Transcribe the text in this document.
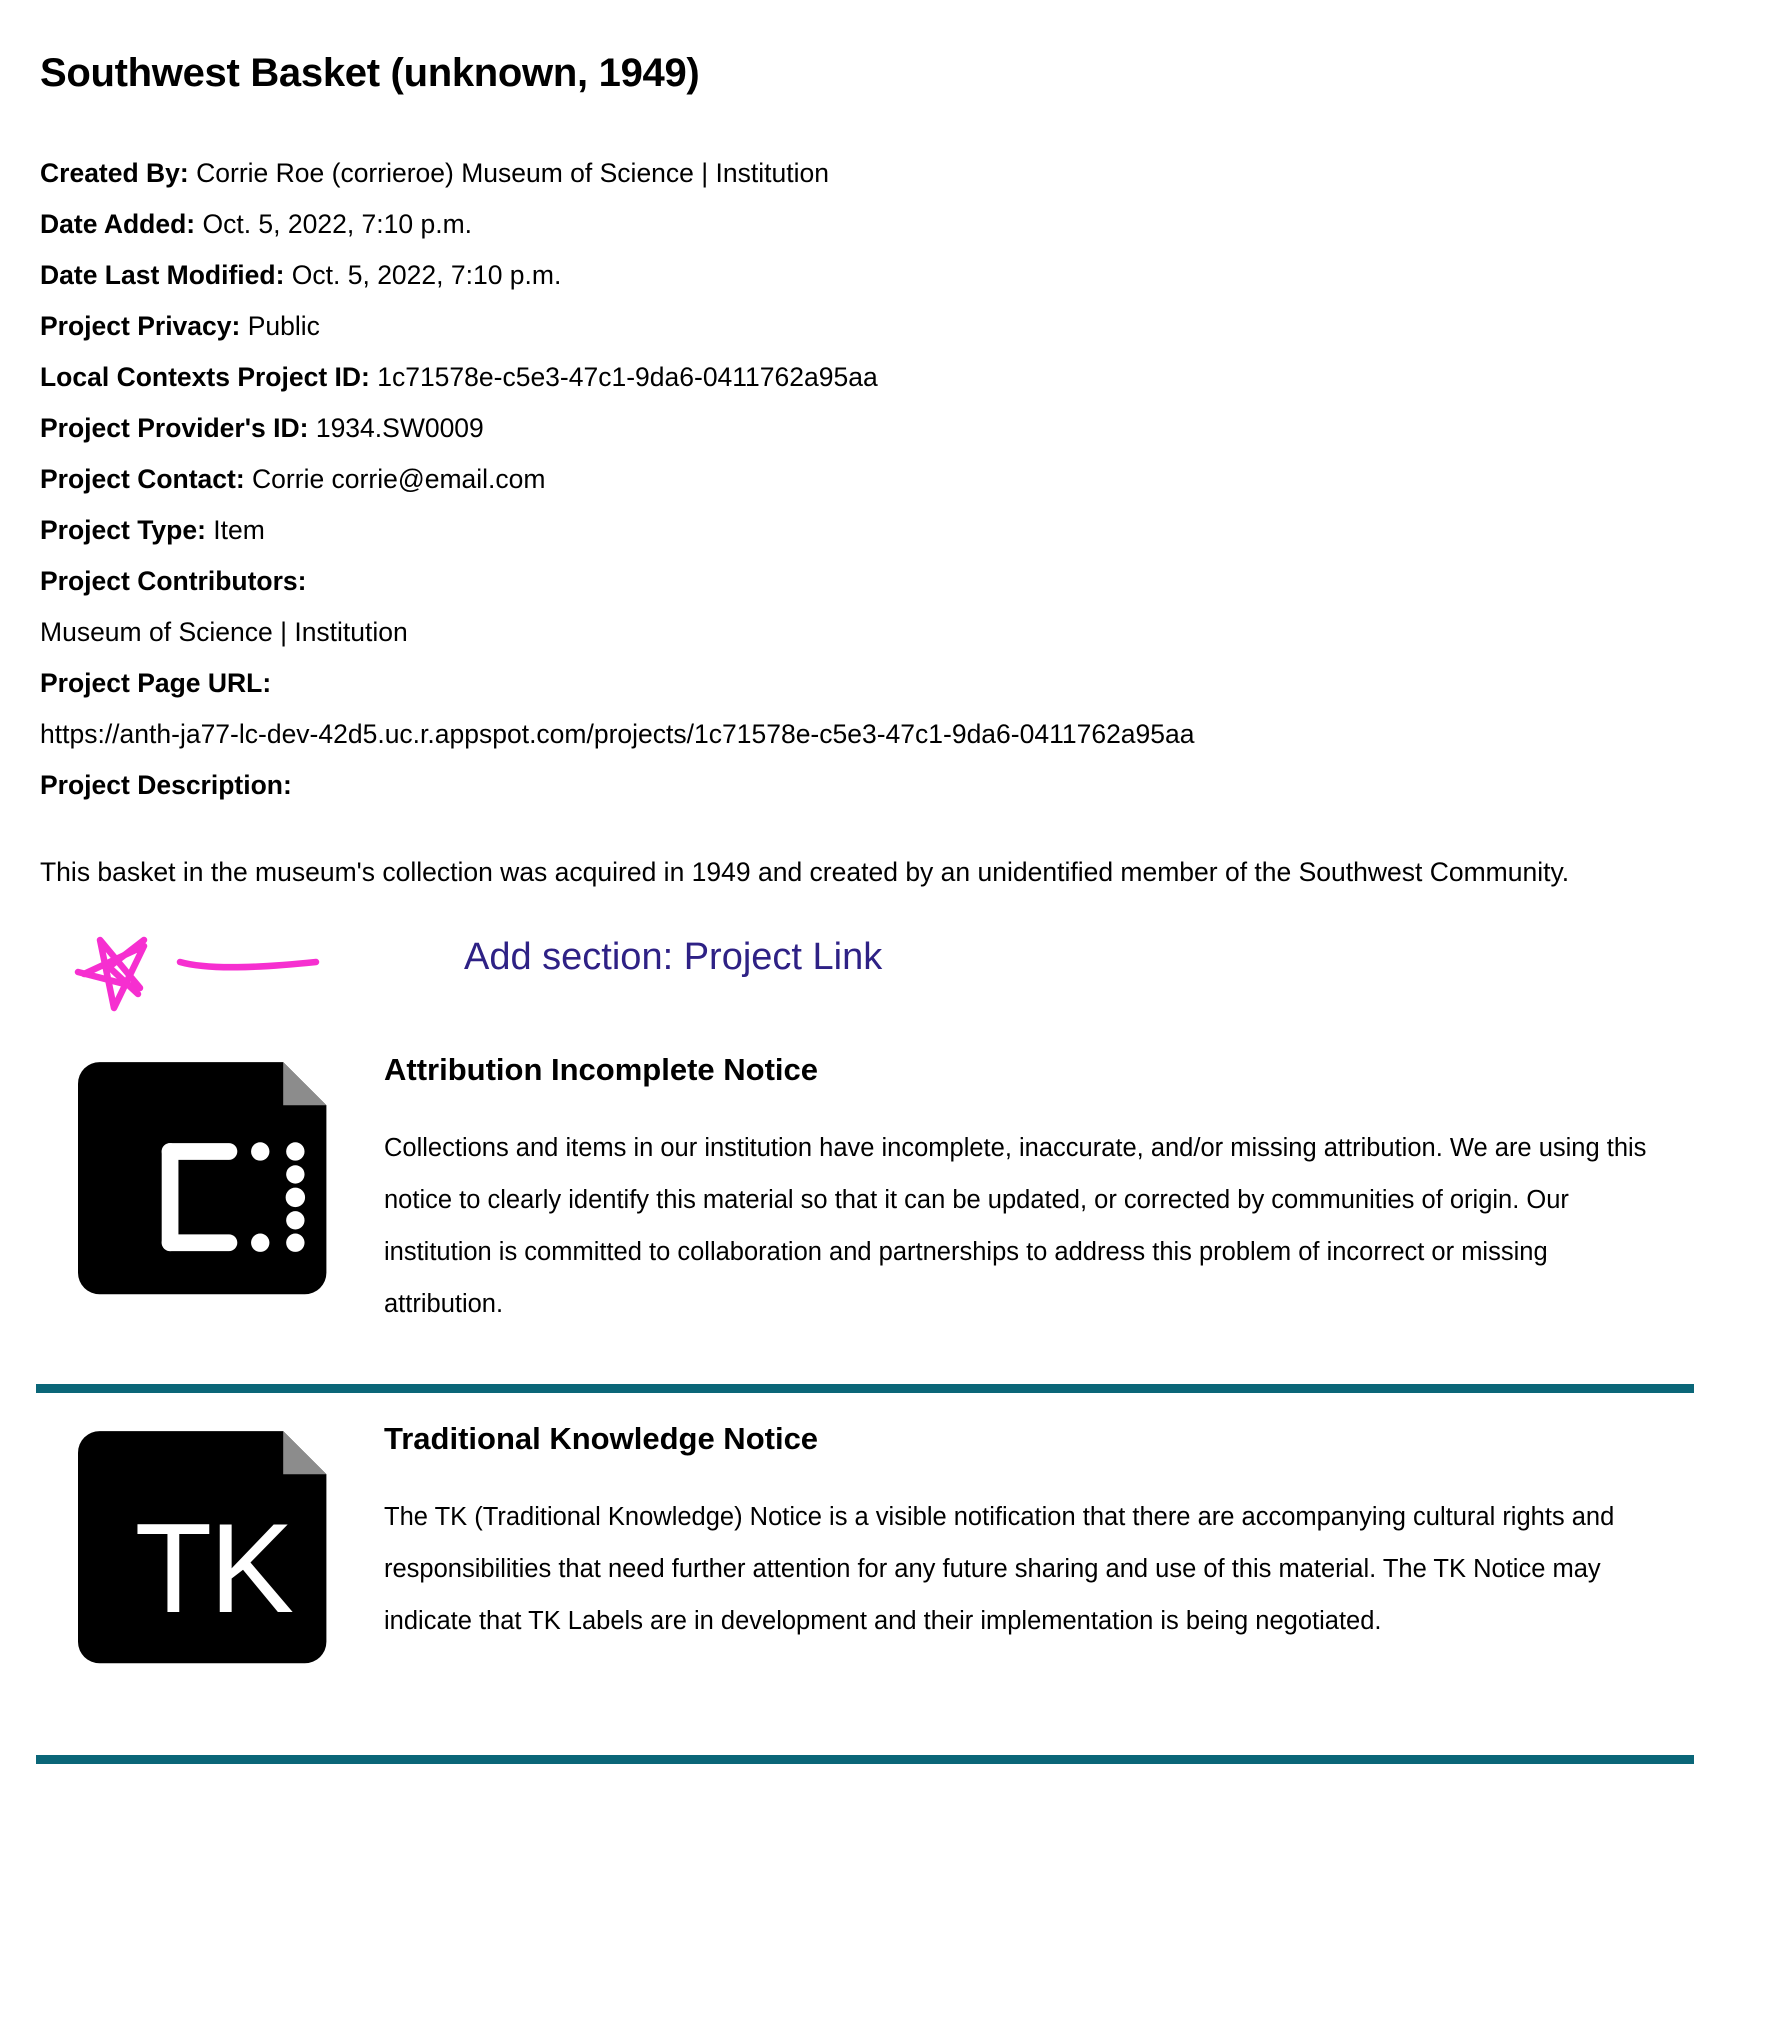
Southwest Basket (unknown, 1949)
Created By: Corrie Roe (corrieroe) Museum of Science | Institution
Date Added: Oct. 5, 2022, 7:10 p.m.
Date Last Modified: Oct. 5, 2022, 7:10 p.m.
Project Privacy: Public
Local Contexts Project ID: 1c71578e-c5e3-47c1-9da6-0411762a95aa
Project Provider's ID: 1934.SW0009
Project Contact: Corrie corrie@email.com
Project Type: Item
Project Contributors:
Museum of Science | Institution
Project Page URL:
https://anth-ja77-lc-dev-42d5.uc.r.appspot.com/projects/1c71578e-c5e3-47c1-9da6-0411762a95aa
Project Description:
This basket in the museum's collection was acquired in 1949 and created by an unidentified member of the Southwest Community.
Add section: Project Link
Attribution Incomplete Notice
Collections and items in our institution have incomplete, inaccurate, and/or missing attribution. We are using this notice to clearly identify this material so that it can be updated, or corrected by communities of origin. Our institution is committed to collaboration and partnerships to address this problem of incorrect or missing attribution.
TK
Traditional Knowledge Notice
The TK (Traditional Knowledge) Notice is a visible notification that there are accompanying cultural rights and responsibilities that need further attention for any future sharing and use of this material. The TK Notice may indicate that TK Labels are in development and their implementation is being negotiated.
